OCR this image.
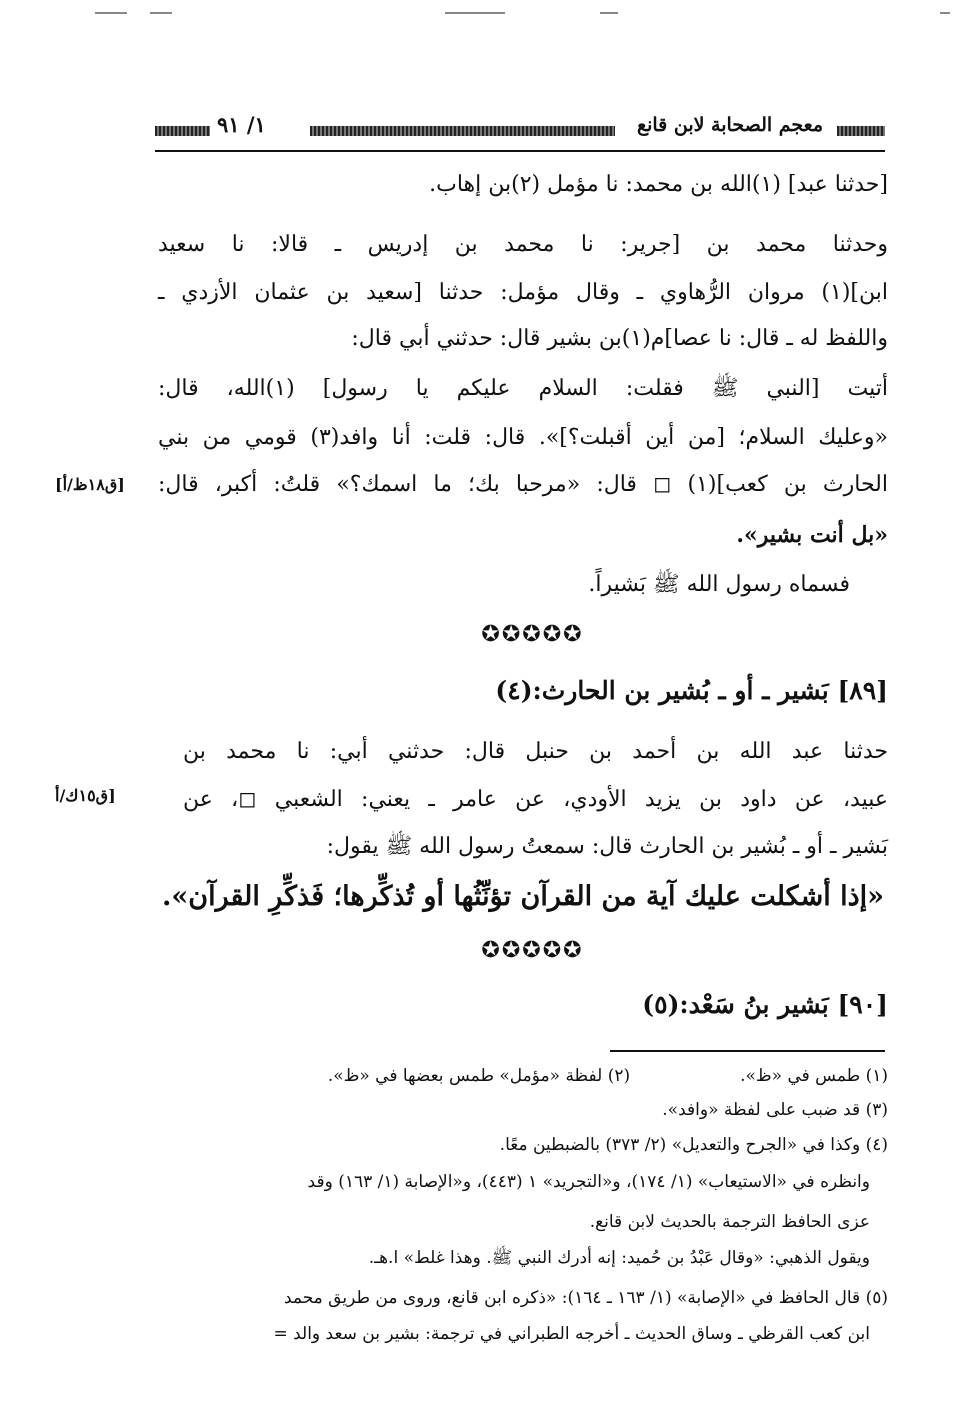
معجم الصحابة لابن قانع
١/ ٩١
[حدثنا عبد] (١)الله بن محمد: نا مؤمل (٢)بن إهاب.
وحدثنا محمد بن [جرير: نا محمد بن إدريس ـ قالا: نا سعيد
ابن](١) مروان الرُّهاوي ـ وقال مؤمل: حدثنا [سعيد بن عثمان الأزدي ـ
واللفظ له ـ قال: نا عصا]م(١)بن بشير قال: حدثني أبي قال:
أتيت [النبي ﷺ فقلت: السلام عليكم يا رسول] (١)الله، قال:
«وعليك السلام؛ [من أين أقبلت؟]». قال: قلت: أنا وافد(٣) قومي من بني
الحارث بن كعب](١) ◻ قال: «مرحبا بك؛ ما اسمك؟» قلتُ: أكبر، قال:
«بل أنت بشير».
فسماه رسول الله ﷺ بَشيراً.
[ق١٨ظ/أ]
✪✪✪✪✪
[٨٩] بَشير ـ أو ـ بُشير بن الحارث:(٤)
حدثنا عبد الله بن أحمد بن حنبل قال: حدثني أبي: نا محمد بن
عبيد، عن داود بن يزيد الأودي، عن عامر ـ يعني: الشعبي ◻، عن
بَشير ـ أو ـ بُشير بن الحارث قال: سمعتُ رسول الله ﷺ يقول:
«إذا أشكلت عليك آية من القرآن تؤنِّثُها أو تُذكِّرها؛ فَذكِّرِ القرآن».
[ق١٥ك/أ
✪✪✪✪✪
[٩٠] بَشير بنُ سَعْد:(٥)
(١) طمس في «ظ».(٢) لفظة «مؤمل» طمس بعضها في «ظ».
(٣) قد ضبب على لفظة «وافد».
(٤) وكذا في «الجرح والتعديل» (٢/ ٣٧٣) بالضبطين معًا.
وانظره في «الاستيعاب» (١/ ١٧٤)، و«التجريد» ١ (٤٤٣)، و«الإصابة (١/ ١٦٣) وقد
عزى الحافظ الترجمة بالحديث لابن قانع.
ويقول الذهبي: «وقال عَبْدُ بن حُميد: إنه أدرك النبي ﷺ. وهذا غلط» ا.هـ.
(٥) قال الحافظ في «الإصابة» (١/ ١٦٣ ـ ١٦٤): «ذكره ابن قانع، وروى من طريق محمد
ابن كعب القرظي ـ وساق الحديث ـ أخرجه الطبراني في ترجمة: بشير بن سعد والد =
